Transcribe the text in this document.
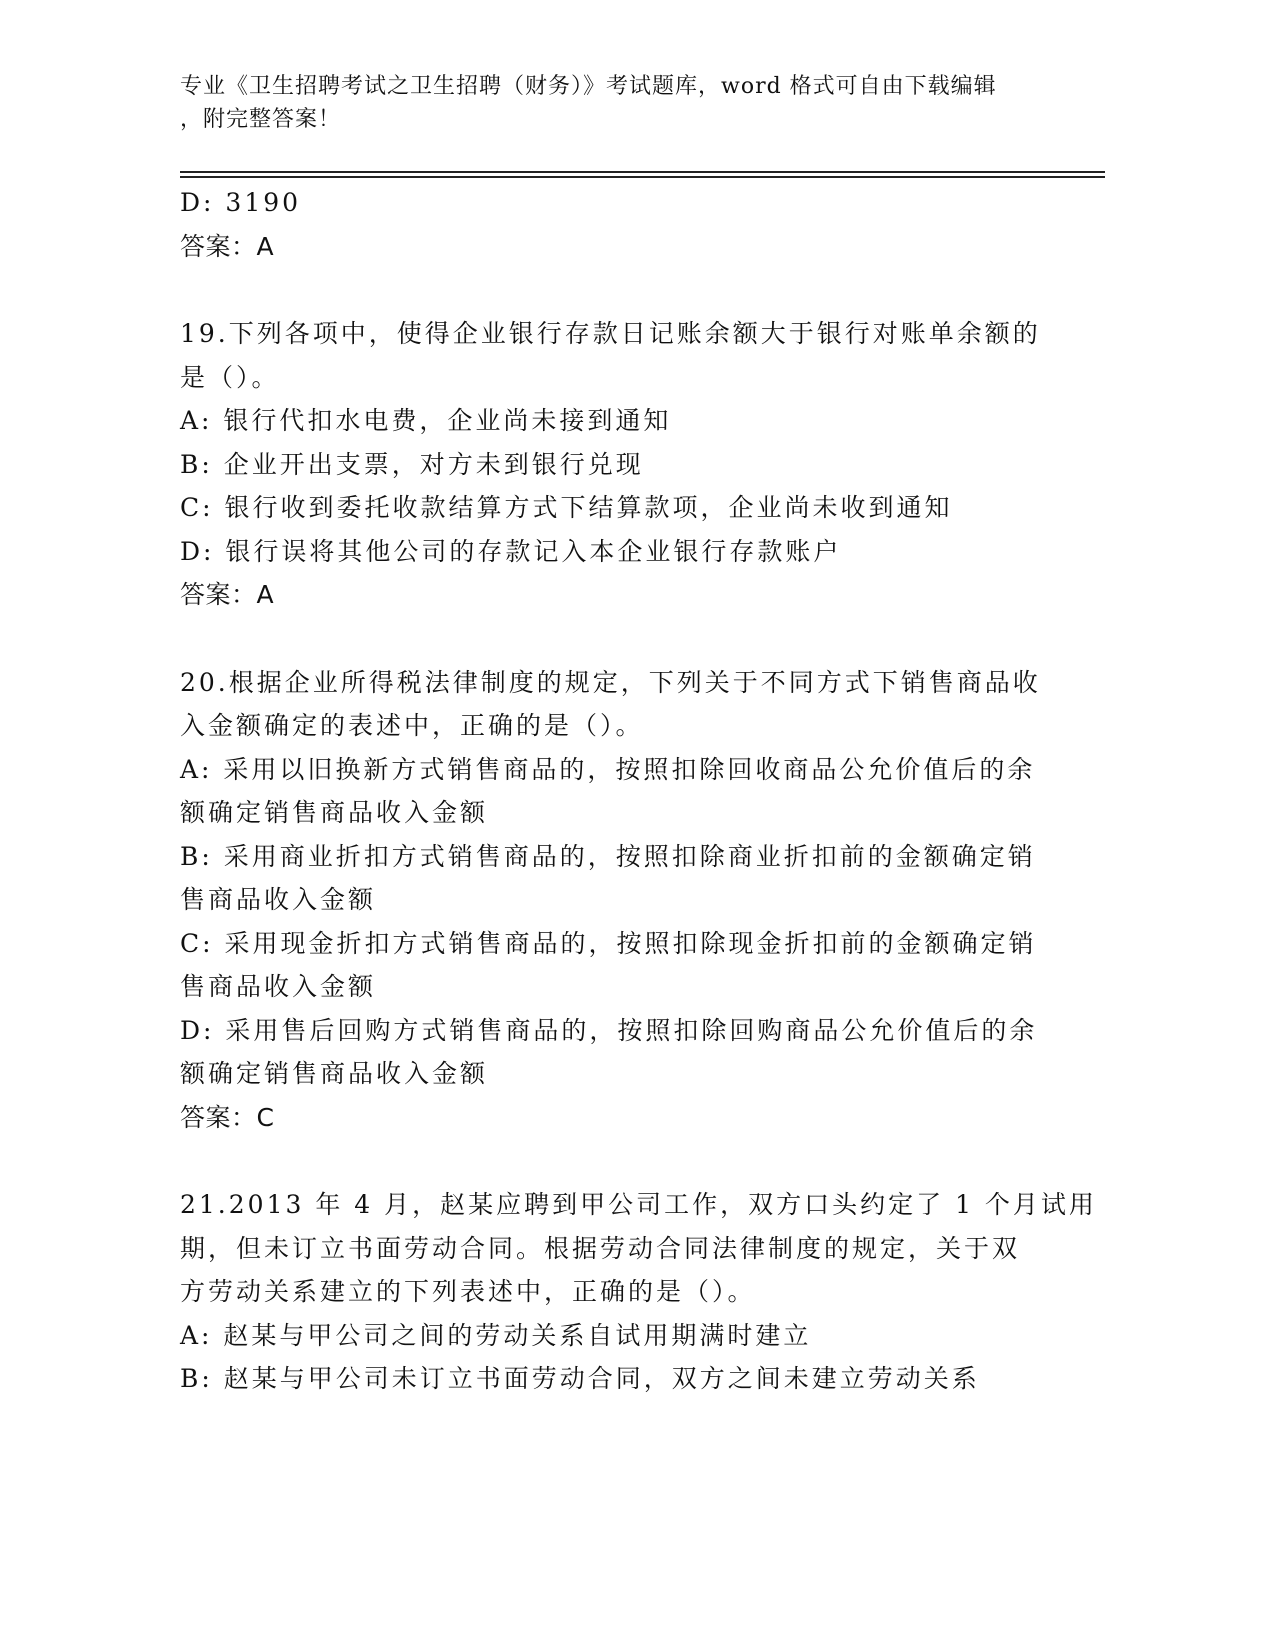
专业《卫生招聘考试之卫生招聘（财务）》考试题库，word 格式可自由下载编辑
，附完整答案！
D: 3190
答案：A
19.下列各项中，使得企业银行存款日记账余额大于银行对账单余额的
是（）。
A: 银行代扣水电费，企业尚未接到通知
B: 企业开出支票，对方未到银行兑现
C: 银行收到委托收款结算方式下结算款项，企业尚未收到通知
D: 银行误将其他公司的存款记入本企业银行存款账户
答案：A
20.根据企业所得税法律制度的规定，下列关于不同方式下销售商品收
入金额确定的表述中，正确的是（）。
A: 采用以旧换新方式销售商品的，按照扣除回收商品公允价值后的余
额确定销售商品收入金额
B: 采用商业折扣方式销售商品的，按照扣除商业折扣前的金额确定销
售商品收入金额
C: 采用现金折扣方式销售商品的，按照扣除现金折扣前的金额确定销
售商品收入金额
D: 采用售后回购方式销售商品的，按照扣除回购商品公允价值后的余
额确定销售商品收入金额
答案：C
21.2013 年 4 月，赵某应聘到甲公司工作，双方口头约定了 1 个月试用
期，但未订立书面劳动合同。根据劳动合同法律制度的规定，关于双
方劳动关系建立的下列表述中，正确的是（）。
A: 赵某与甲公司之间的劳动关系自试用期满时建立
B: 赵某与甲公司未订立书面劳动合同，双方之间未建立劳动关系
